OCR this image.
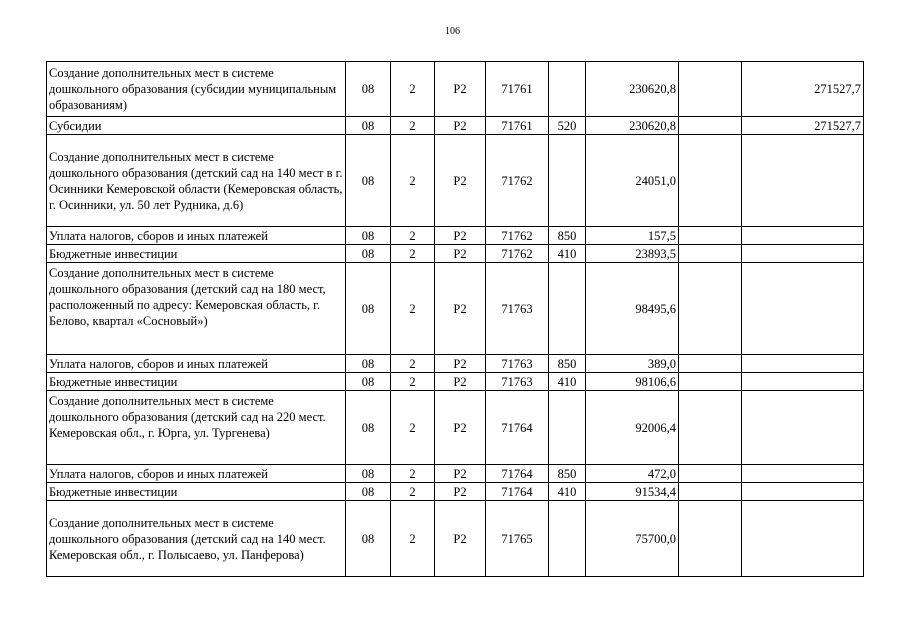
106
Создание дополнительных мест в системе дошкольного образования (субсидии муниципальным образованиям)	08	2	Р2	71761		230620,8		271527,7
Субсидии	08	2	Р2	71761	520	230620,8		271527,7
Создание дополнительных мест в системе дошкольного образования (детский сад на 140 мест в г. Осинники Кемеровской области (Кемеровская область, г. Осинники, ул. 50 лет Рудника, д.6)	08	2	Р2	71762		24051,0		
Уплата налогов, сборов и иных платежей	08	2	Р2	71762	850	157,5		
Бюджетные инвестиции	08	2	Р2	71762	410	23893,5		
Создание дополнительных мест в системе дошкольного образования (детский сад на 180 мест, расположенный по адресу: Кемеровская область, г. Белово, квартал «Сосновый»)	08	2	Р2	71763		98495,6		
Уплата налогов, сборов и иных платежей	08	2	Р2	71763	850	389,0		
Бюджетные инвестиции	08	2	Р2	71763	410	98106,6		
Создание дополнительных мест в системе дошкольного образования (детский сад на 220 мест. Кемеровская обл., г. Юрга, ул. Тургенева)	08	2	Р2	71764		92006,4		
Уплата налогов, сборов и иных платежей	08	2	Р2	71764	850	472,0		
Бюджетные инвестиции	08	2	Р2	71764	410	91534,4		
Создание дополнительных мест в системе дошкольного образования (детский сад на 140 мест. Кемеровская обл., г. Полысаево, ул. Панферова)	08	2	Р2	71765		75700,0		
